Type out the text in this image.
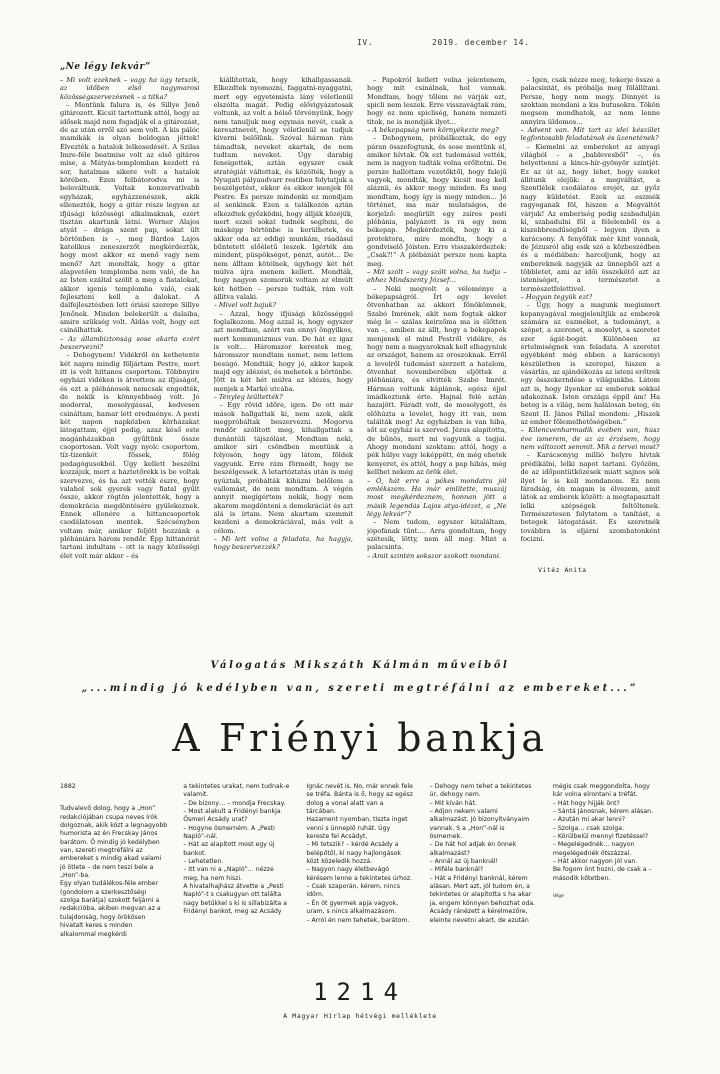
IV.	2019. december 14.
„Ne légy lekvár”

– Mi volt ezeknek – vagy ha úgy tetszik, az időben első nagymarosi közösségszervezésnek – a titka?

– Mentünk falura is, és Sillye Jenő gitározott. Kicsit tartottunk attól, hogy az idősek majd nem fogadják el a gitározást, de az után erről szó sem volt. A kis pálóc mamikák is olyan boldogan jöttek! Élvezték a hatalok lelkesedését. A Szilas Imre-féle beatmise volt az első gitáros mise, a Mátyás-templomban kezdett rá sor, hatalmas sikere volt a hatalok körében. Ezen felbátorodva mi is beleváltunk. Voltak konzervatívabb egyházak, egyházzenészek, akik ellenezték, hogy a gitár része legyen az ifjúsági közösségi alkalmaknak, ezért tisztán akartunk látni. Werner Alajos atyát – drága szent pap, sokat ült börtönben is –, meg Bárdos Lajos katolikus zeneszerzőt megkérdeztük, hogy most akkor ez menő vagy nem menő? Azt mondták, hogy a gitár alapvetően templomba nem való, de ha az Isten ezáltal szólít a meg a fiatalokat, akkor igenis templomba való, csak fejleszteni kell a dalokat. A dalfejlesztésben lett óriási szerepe Sillye Jenőnek. Minden belekerült a dalaiba, amire szükség volt. Áldás volt, hogy ezt csinálhattuk.

– Az állambiztonság sose akarta ezért beszervezni?

– Dehogynem! Vidékről én kethetente két napra mindig följártam Pestre, mert itt is volt hittanos csoportom. Többnyire egyházi vidéken is átvettem az ifjúságot, és ezt a plébánosok nemcsak engedték, de nekik is könnyebbség volt. Jó modorral, mosolygással, kedvesen csináltam, hamar lett eredménye. A pesti két napon napközben körházakat látogattam, éjjel pedig, azaz késő este magánházakban gyűltünk össze csoportosan. Volt vagy nyolc csoportom, tíz-tizenkét főssek, fölég pedagógusokból. Úgy kellett beszélni kozzájuk, mert a háztetőrekk is be voltak szervezve, és ha azt vették észre, hogy valahol sok gyerek vagy fiatal gyűlt össze, akkor rögtön jelentették, hogy a demokrácia megdöntésére gyülekeznek. Ennek ellenére a hittancsoportok csodálatosan mentek. Szécsényben voltam már, amikor feljött hozzánk a plébániára három rendőr. Épp hittanórát tartani indultam – ott is nagy közösségi élet volt már akkor – és

kiállítottak, hogy kihallgassanak. Elkezdtek nyomozni, faggatni-nyaggatni, mert egy egyetemista lány véletlenül elszólta magát. Pedig elővigyázatosak voltunk, az volt a bélső törvényünk, hogy nem tanuljuk meg egymás nevét, csak a keresztnevét, hogy véletlenül se tudjuk kiverni belőlünk. Szóval hárman rám támadtak, neveket akartak, de nem tudtam neveket. Úgy darabig feneigettek, aztán egyszer csak stratégiát váltottak, és közölték, hogy a Nyugati pályaudvarr restiben folytatjuk a beszélgetést, ekkor és ekkor menjek föl Pestre. És persze mindenki ez mondjam el senkinek. Ezen a találkozón aztán elkezdtek győzködni, hogy állják közéjük, mert ezzel sokat tudnék segíteni, de másképp börtönbe is kerülhetek, és akkor oda az eddigi munkám, ráadásul bűntetett előéletű leszek. Igérték ám mindent, püspökséget, pénzt, autót… De nem álltam kötélnek, úgyhogy két hét múlva újra menem kellett. Mondták, hogy nagyon szomorúk voltam az elmúlt két hétben – persze tudták, rám volt állítva valaki.

– Mivel volt bajuk?

– Azzal, hogy ifjúsági közösséggel foglalkozom. Meg azzal is, hogy egyszer azt mondtam, azért van ennyi öngyilkos, mert kommunizmus van. De hát ez igaz is volt… Háromszor kerestek meg, háromszor mondtam nemet, nem lettem besúgó. Mondták, hogy jó, akkor kapok majd egy idézést, és mehetek a börtönbe. Jött is két hét múlva az idézés, hogy menjek a Markó utcába.

– Tényleg leültették?

– Egy rövid időre, igen. De ott már mások hallgattak ki, nem azok, akik megpróbáltak beszervezni. Mogorva rendőr szólított meg, kihallgattak a dunántúli tájszólást. Mondtam neki, amikor síri csöndben mentünk a folyosón, hogy úgy látom, földek vagyunk. Erre rám förmedt, hogy ne beszélgessek. A letartóztatás után is még nyúztak, próbálták kihúzni belőlem a vallomást, de nem mondtam. A végén annyit megígértem nekik, hogy nem akarom megdönteni a demokráciát és azt alá is írtam. Nem akartam szemmit kezdeni a demokráciával, más volt a célom.

– Mi lett volna a feladata, ha hagyja, hogy beszervezzék?

– Papokról kellett volna jelentenem, hogy mit csinálnak, hol vannak. Mondtam, hogy tőlem ne várják ezt, spicli nem leszek. Erre visszavágtak rám, hogy ez nem spicliség, hanem nemzeti titok, ne is mondják ilyet…

– A békepapság nem környékezte meg?

– Dehogynem, próbálkoztak, de egy páran összefogtunk, és sose mentünk el, amikor hívtak. Ők ezt tudomásul vették, nem is nagyon tudták volna erőltetni. De persze hallottam vezetőktől, hogy falejű vagyok, mondták, hogy kicsit meg kell aláznii, és akkor megy minden. És meg mondtam, hogy így is megy minden… Jó történet, ma már mulatságos, de korjelző: megürült egy zsíros pesti plébánia, pályázott is rá egy nem békepap. Megkérdezték, hogy ki a protektora, mire mondta, hogy a gondviselő Jóisten. Erre visszakérdeztek: „Csak?!” A plébániát persze nem kapta meg.

– Mit szólt – vagy szólt volna, ha tudja – ehhez Mindszenty József…

– Neki megvolt a véleménye a békepapságról. Írt egy levelet ötvenhatban az akkori főnökömnek, Szabó Imrének, akit nem fogtak akkor még le – szálas keirzőma ma is élőtten van –, amiben az állt, hogy a békepapok menjenek el mind Pestről vidékre, és hogy nem a magyaroknak kell elhagyniuk az országot, hanem az oroszoknak. Erről a levelről tudomást szerzett a hatalom, ötvenhat novemberében eljöttek a plébániára, és elvitték Szabó Imrét. Hárman voltunk káplánok, egész éjjel imádkoztunk érte. Hajnal felé aztán hazajött. Fáradt volt, de mosolygott, és előhúzta a levelet, hogy itt van, nem találták meg! Az egyházban is van hiba, sőt az egyház is szerved. Jézus alapította, de bűnös, mert mi vagyunk a tagjai. Ahogy mondani szoktam: attól, hogy a pék hülye vagy leképpött, én még ehetek kenyeret, és attól, hogy a pap hibás, még kellhet nekem az örök élet.

– Ó, hát erre a pékes mondatra jól emlékszem. Ha már említette, muszáj most megkérdeznem, honnan jött a másik legendás Lajos atya-idézet, a „Ne légy lekvár”?

– Nem tudom, egyszer kitaláltam, jópofának tűnt…. Arra gondoltam, hogy szétesik, lötty, nem áll meg. Mint a palacsinta.

– Amit szintén sokszor szokott mondani.

– Igen, csak nézze meg, tekerje össze a palacsintát, és próbálja meg fölállítani. Persze, hogy nem megy. Dinnyét is szoktam mondani a kis butusokra. Tökön megsem mondhatok, az nem lenne annyira üldomos…

– Advent van. Mit tart az idei készület legfontosabb feladatának és üzenetének?

– Kiemelni az embereket az anyagi világból – a „bablevesből” –, és helyettenni a kincs-hír-gyönyör szintjét. Ez az út az, hogy lehet, hogy ezeket állítunk elejük: a megváltást, a Szentlélek csodálatos erejét, az győz nagy küldetést. Ezek az eszmék ragyoganak föl, hiszen a Megváltót várjuk! Az emberiség pedig szabadulján ki, szabadulni föl a félelemből és a kiszebbrendűségből – legyen ilyen a karácsony. A fenyőfák mér kint vannak, de Jézusról alig esik szó a közbeszédben és a médiában: harcoljunk, hogy az embereknek nagyják az ünnepből azt a többletet, ami az idői összekötő azt az isteniséget, a természetet a természetfelettivel.

– Hogyan tegyük ezt?

– Úgy, hogy a magunk megismert kepanyagával megjelenítjük az emberek számára az eszméket, a tudományt, a szépet, a szerenet, a mosolyt, a szeretet ezer ágát-bogát. Különösen az értelmiségnek van feladata. A szeretet egyébként még ebben a karácsonyi készületben is szerepel, hiszen a vásárlás, az ajándékozás az isteni erőtrek egy összekerndése a világunkba. Látom azt is, hogy ilyenkor az emberek sokkal adakoznak. Isten országa éppíl ám! Ha beteg is a világ, nem halálosan beteg, én Szent II. János Pállal mondom: „Hiszek az ember főlemelhetőségében.”

– Kilencvenharmadik évében van, húsz éve ismerem, de az az érzésem, hogy nem változott semmit. Mik a tervei most?

– Karácsonyig millió helyre hívtak prédikálni, lelki napot tartani. Győzöm, de az időpontütközések miatt sajnos sok ilyet le is kell mondanom. Ez nem fáradság, én magam is élvezem, amit látok az emberek között: a megtapasztalt lelki szépségek feltöltenek. Természetesen folytatom a tanítást, a betegek látogatását. És szeretnék továbbra is eljárni szombatonként focizni.

Vitéz Anita
Válogatás Mikszáth Kálmán műveiből
„...mindig jó kedélyben van, szereti megtréfálni az embereket...”
A Friényi bankja

1882

Tudvalevő dolog, hogy a „Hon” redakciójában csupa neves írók dolgoznak, akik közt a legnagyobb humorista az én Frecskay János barátom. Ő mindig jó kedélyben van, szereti megtréfálni az embereket s mindig akad valami jó ötlete – de nem teszi bele a „Hon”-ba.

Egy olyan tudálékos-féle ember (gondolom a szerkesztőségi szolga barátja) szokott feljárni a redakcióba, akiben megvan az a tulajdonság, hogy örökösen hivatalt keres s minden alkalommal megkérdi

a tekintetes urakat, nem tudnak-e valamit.

– De bizony… – mondja Frecskay. – Most alakult a Fridényi bankja. Ösmeri Acsády urat?

– Hogyne ösmerném. A „Pesti Napló”-nál.

– Hát az alapított most egy új bankot.

– Lehetetlen.

– Itt van ni a „Napló”… nézze meg, ha nem hiszi.

A hivatalhajhász átvette a „Pesti Napló”-t s csakugyan ott találta nagy betűkkel s ki is sillabizálta a Fridényi bankot, meg az Acsády

Ignác nevét is. No, már ennek fele se tréfa. Bánta is ő, hogy az egész dolog a vonal alatt van a tárcában.

Hazament nyomban, tiszta inget venni s ünneplő ruhát. Úgy kereste fel Acsádyt.

– Mi tetszik? – kérdé Acsády a belépőtől, ki nagy hajlongások közt közeledik hozzá.

– Nagyon nagy életbevágó kérésem lenne a tekintetes úrhoz.

– Csak szaporán, kérem, nincs időm.

– Én öt gyermek apja vagyok, uram, s nincs alkalmazásom.

– Arról én nem tehetek, barátom.

– Dehogy nem tehet a tekintetes úr, dehogy nem.

– Mit kíván hát.

– Adjon nekem valami alkalmazást. Jó bizonyítványaim vannak. S a „Hon”-nál is ösmernek.

– De hát hol adjak én önnek alkalmazást?

– Annál az új banknál!

– Miféle banknál?

– Hát a Fridényi banknál, kérem alásan. Mert azt, jól tudom én, a tekintetes úr alapította s ha akar ja, engem könnyen behozhat oda.

Acsády ránézett a kérelmezőre, eleinte nevetni akart, de azután

mégis csak meggondolta, hogy kár volna elrontani a tréfát.

– Hát hogy hijják önt?

– Sántá Jánosnak, kérem alásan.

– Azután mi akar lenni?

– Szolga… csak szolga.

– Körülbelül mennyi fizetéssel?

– Megelégednék… nagyon megelégednék ötszázzal.

– Hát akkor nagyon jól van.

Be fogom önt hozni, de csak a – második kötetben.

Vége

1214
A Magyar Hírlap hétvégi melléklete
